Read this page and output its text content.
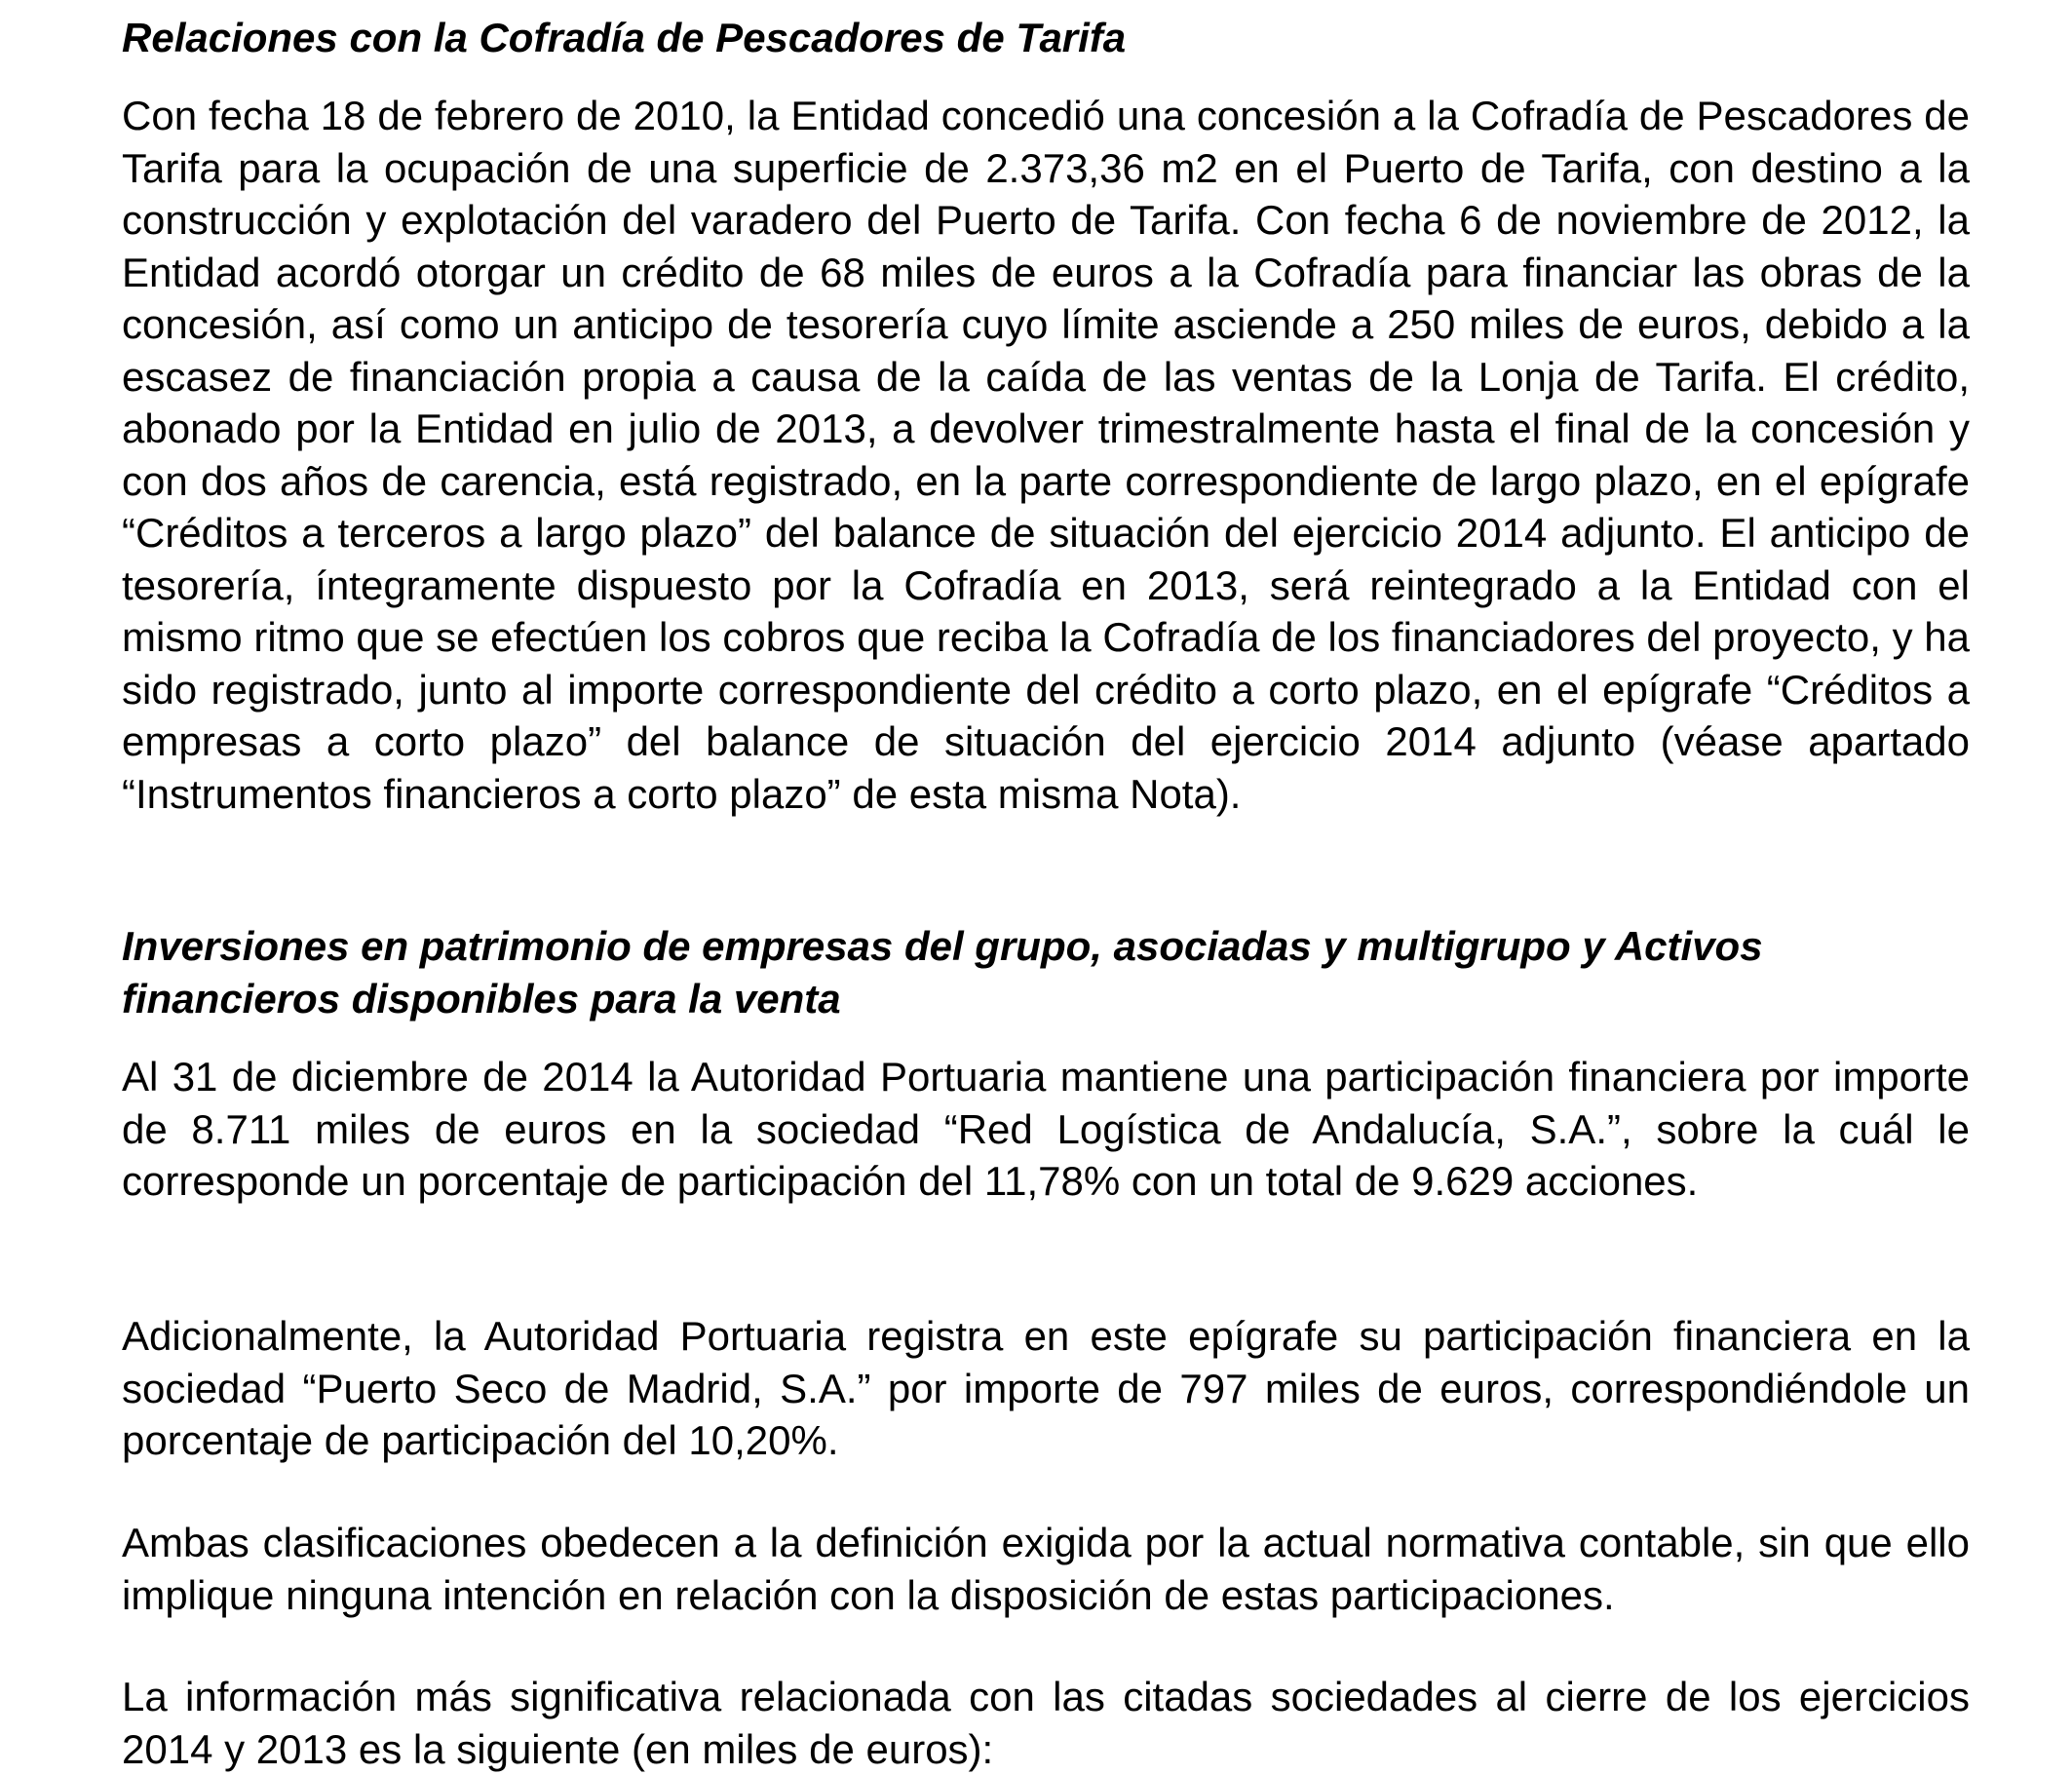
Relaciones con la Cofradía de Pescadores de Tarifa

Con fecha 18 de febrero de 2010, la Entidad concedió una concesión a la Cofradía de Pescadores de Tarifa para la ocupación de una superficie de 2.373,36 m2 en el Puerto de Tarifa, con destino a la construcción y explotación del varadero del Puerto de Tarifa. Con fecha 6 de noviembre de 2012, la Entidad acordó otorgar un crédito de 68 miles de euros a la Cofradía para financiar las obras de la concesión, así como un anticipo de tesorería cuyo límite asciende a 250 miles de euros, debido a la escasez de financiación propia a causa de la caída de las ventas de la Lonja de Tarifa. El crédito, abonado por la Entidad en julio de 2013, a devolver trimestralmente hasta el final de la concesión y con dos años de carencia, está registrado, en la parte correspondiente de largo plazo, en el epígrafe “Créditos a terceros a largo plazo” del balance de situación del ejercicio 2014 adjunto. El anticipo de tesorería, íntegramente dispuesto por la Cofradía en 2013, será reintegrado a la Entidad con el mismo ritmo que se efectúen los cobros que reciba la Cofradía de los financiadores del proyecto, y ha sido registrado, junto al importe correspondiente del crédito a corto plazo, en el epígrafe “Créditos a empresas a corto plazo” del balance de situación del ejercicio 2014 adjunto (véase apartado “Instrumentos financieros a corto plazo” de esta misma Nota).

Inversiones en patrimonio de empresas del grupo, asociadas y multigrupo y Activos financieros disponibles para la venta

Al 31 de diciembre de 2014 la Autoridad Portuaria mantiene una participación financiera por importe de 8.711 miles de euros en la sociedad “Red Logística de Andalucía, S.A.”, sobre la cuál le corresponde un porcentaje de participación del 11,78% con un total de 9.629 acciones.

Adicionalmente, la Autoridad Portuaria registra en este epígrafe su participación financiera en la sociedad “Puerto Seco de Madrid, S.A.” por importe de 797 miles de euros, correspondiéndole un porcentaje de participación del 10,20%.

Ambas clasificaciones obedecen a la definición exigida por la actual normativa contable, sin que ello implique ninguna intención en relación con la disposición de estas participaciones.

La información más significativa relacionada con las citadas sociedades al cierre de los ejercicios 2014 y 2013 es la siguiente (en miles de euros):
